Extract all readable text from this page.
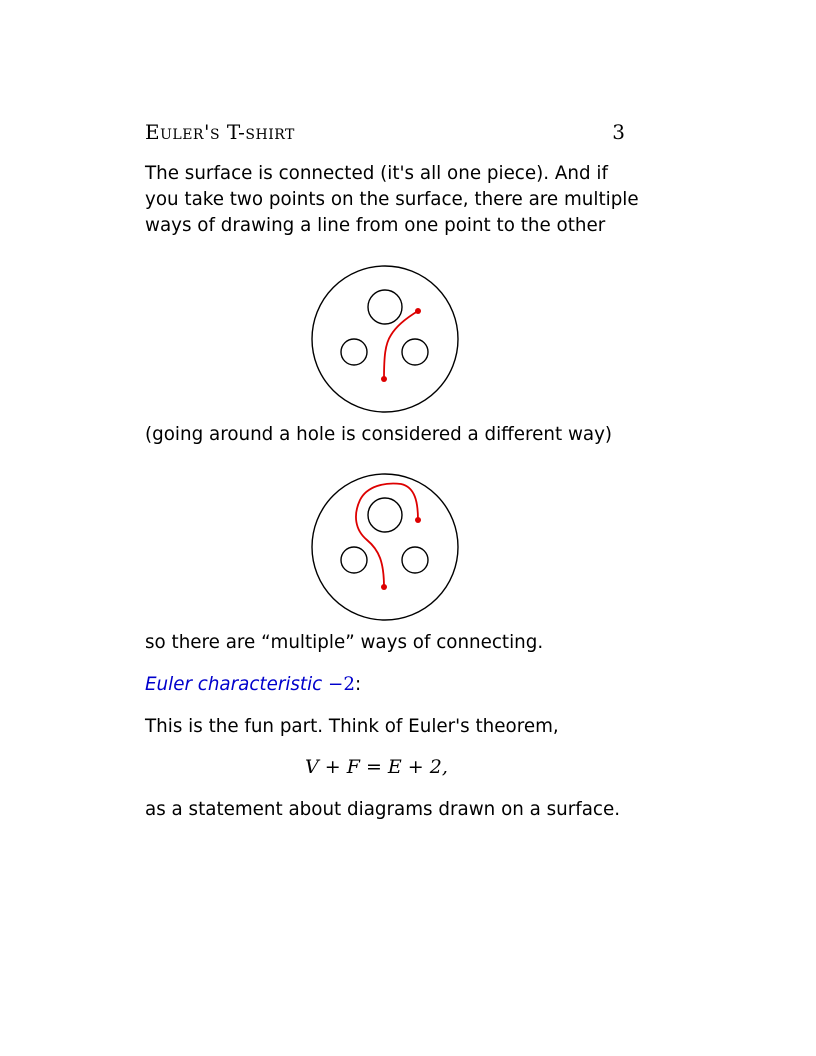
Euler's T-shirt	3
The surface is connected (it's all one piece). And if
you take two points on the surface, there are multiple
ways of drawing a line from one point to the other
(going around a hole is considered a different way)
so there are “multiple” ways of connecting.
Euler characteristic −2:
This is the fun part. Think of Euler's theorem,
V + F = E + 2,
as a statement about diagrams drawn on a surface.
